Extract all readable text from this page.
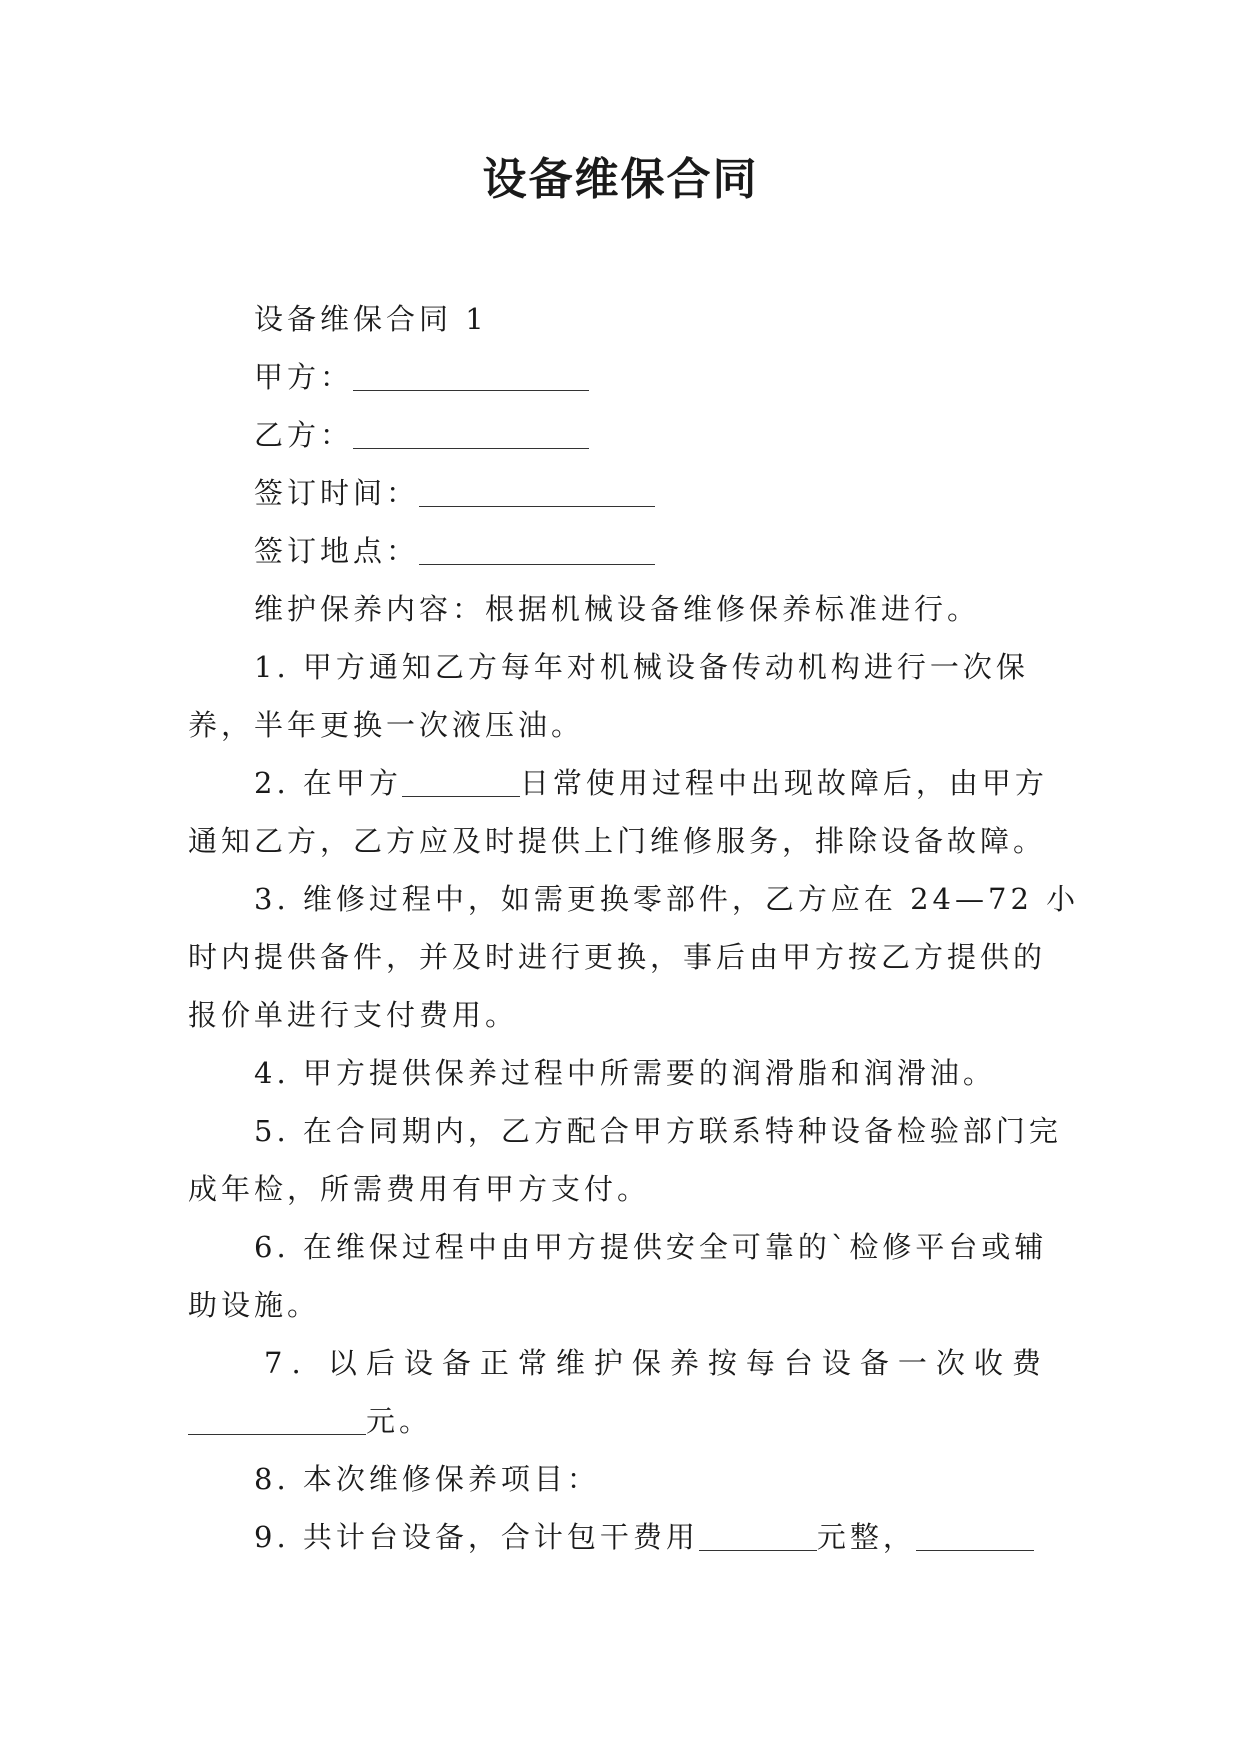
设备维保合同
设备维保合同 1
甲方：
乙方：
签订时间：
签订地点：
维护保养内容：根据机械设备维修保养标准进行。
1. 甲方通知乙方每年对机械设备传动机构进行一次保
养，半年更换一次液压油。
2. 在甲方	日常使用过程中出现故障后，由甲方
通知乙方，乙方应及时提供上门维修服务，排除设备故障。
3. 维修过程中，如需更换零部件，乙方应在 24—72 小
时内提供备件，并及时进行更换，事后由甲方按乙方提供的
报价单进行支付费用。
4. 甲方提供保养过程中所需要的润滑脂和润滑油。
5. 在合同期内，乙方配合甲方联系特种设备检验部门完
成年检，所需费用有甲方支付。
6. 在维保过程中由甲方提供安全可靠的`检修平台或辅
助设施。
7. 以后设备正常维护保养按每台设备一次收费
元。
8. 本次维修保养项目：
9. 共计台设备，合计包干费用	元整，
